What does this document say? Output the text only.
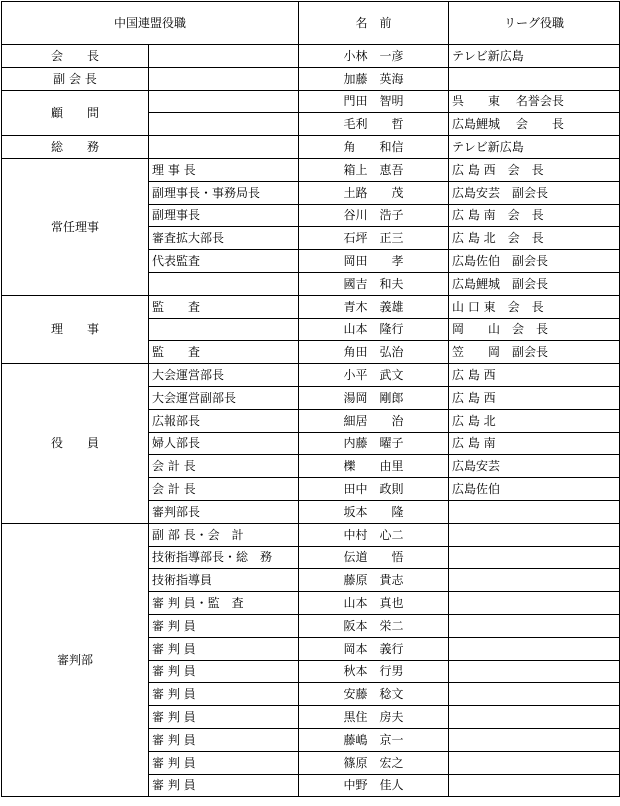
中国連盟役職		名　前	リーグ役職
会　　長		小林　一彦	テレビ新広島
副 会 長		加藤　英海	
顧　　問		門田　智明	呉　　東　 名誉会長
		毛利　　哲	広島鯉城　 会　　長
総　　務		角　　和信	テレビ新広島
常任理事	理 事 長	箱上　恵吾	広 島 西　会　長
	副理事長・事務局長	土路　　茂	広島安芸　副会長
	副理事長	谷川　浩子	広 島 南　会　長
	審査拡大部長	石坪　正三	広 島 北　会　長
	代表監査	岡田　　孝	広島佐伯　副会長
		國吉　和夫	広島鯉城　副会長
理　　事	監　　査	青木　義雄	山 口 東　会　長
		山本　隆行	岡　　山　会　長
	監　　査	角田　弘治	笠　　岡　副会長
役　　員	大会運営部長	小平　武文	広 島 西
	大会運営副部長	湯岡　剛郎	広 島 西
	広報部長	細居　　治	広 島 北
	婦人部長	内藤　曜子	広 島 南
	会 計 長	櫟　　由里	広島安芸
	会 計 長	田中　政則	広島佐伯
	審判部長	坂本　　隆	
審判部	副 部 長・会　計	中村　心二	
	技術指導部長・総　務	伝道　　悟	
	技術指導員	藤原　貴志	
	審 判 員・監　査	山本　真也	
	審 判 員	阪本　栄二	
	審 判 員	岡本　義行	
	審 判 員	秋本　行男	
	審 判 員	安藤　稔文	
	審 判 員	黒住　房夫	
	審 判 員	藤嶋　京一	
	審 判 員	篠原　宏之	
	審 判 員	中野　佳人	
